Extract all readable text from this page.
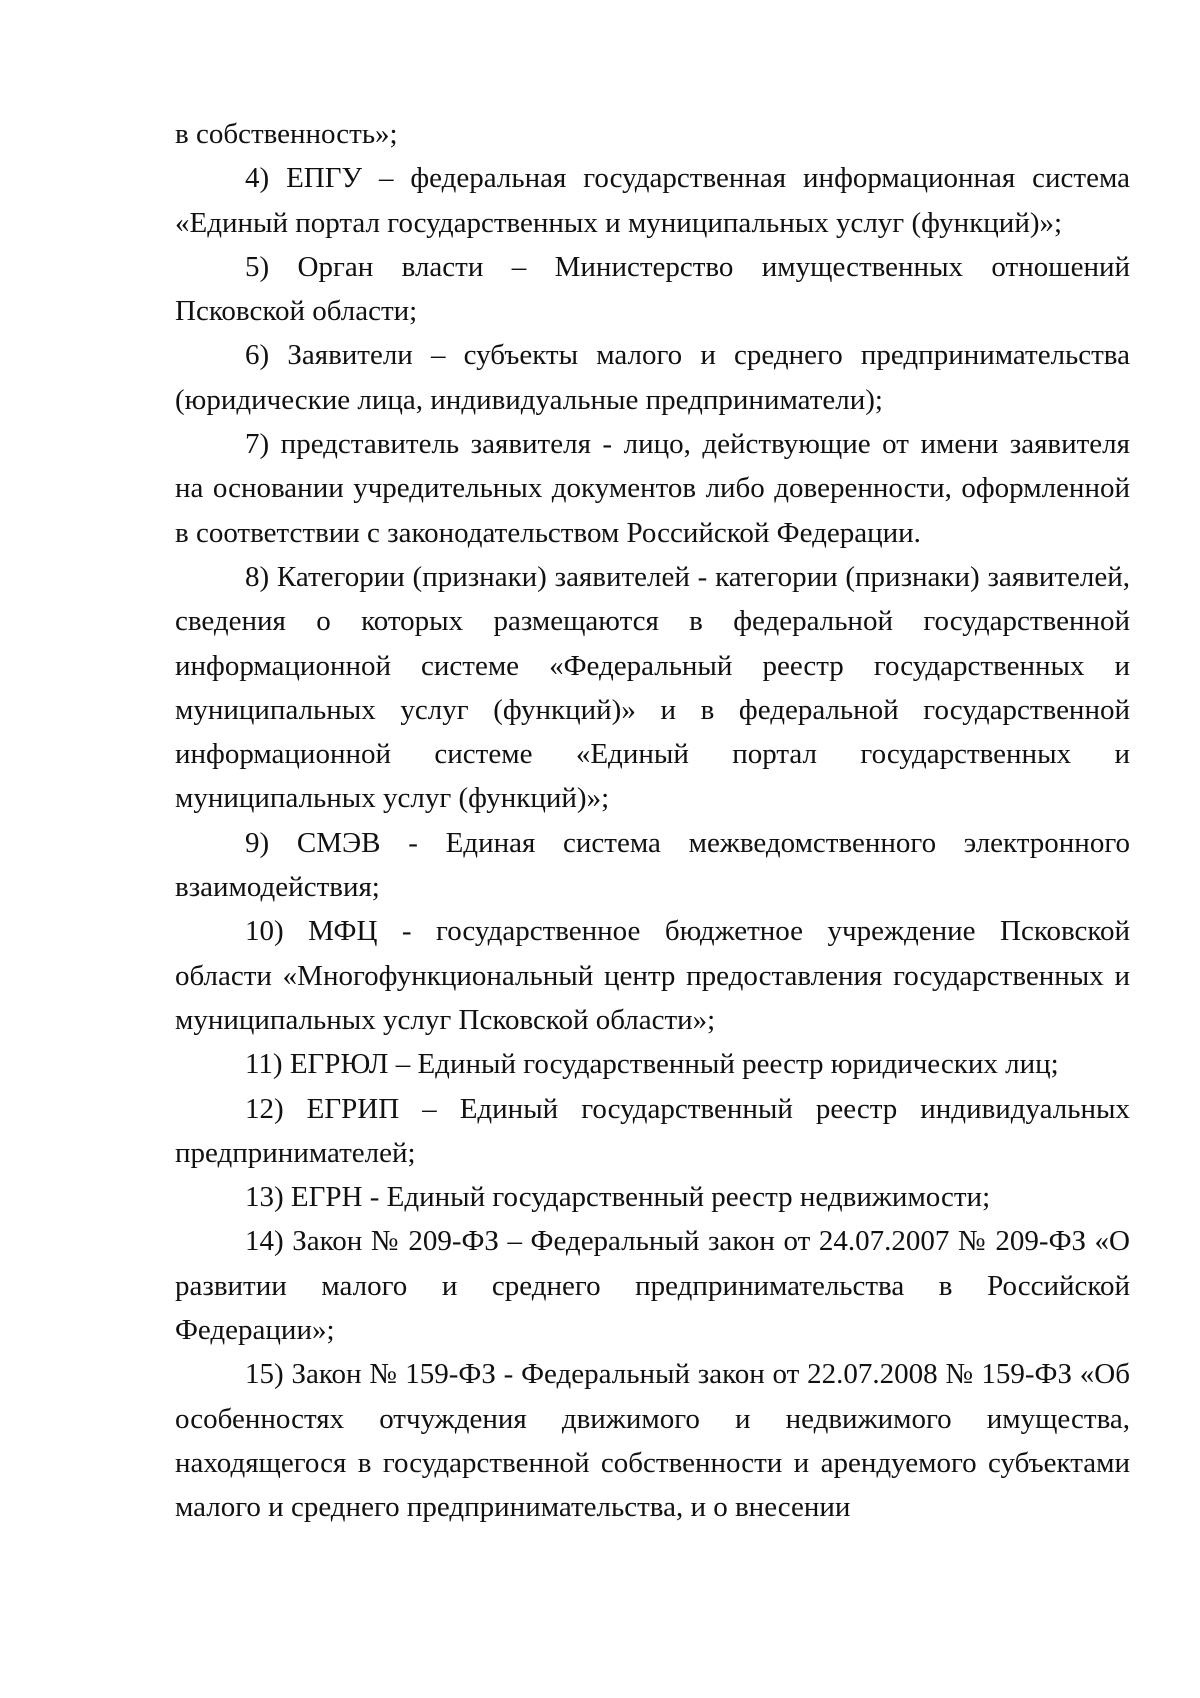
в собственность»;

4) ЕПГУ – федеральная государственная информационная система «Единый портал государственных и муниципальных услуг (функций)»;

5) Орган власти – Министерство имущественных отношений Псковской области;

6) Заявители – субъекты малого и среднего предпринимательства (юридические лица, индивидуальные предприниматели);

7) представитель заявителя - лицо, действующие от имени заявителя на основании учредительных документов либо доверенности, оформленной в соответствии с законодательством Российской Федерации.

8) Категории (признаки) заявителей - категории (признаки) заявителей, сведения о которых размещаются в федеральной государственной информационной системе «Федеральный реестр государственных и муниципальных услуг (функций)» и в федеральной государственной информационной системе «Единый портал государственных и муниципальных услуг (функций)»;

9) СМЭВ - Единая система межведомственного электронного взаимодействия;

10) МФЦ - государственное бюджетное учреждение Псковской области «Многофункциональный центр предоставления государственных и муниципальных услуг Псковской области»;

11) ЕГРЮЛ – Единый государственный реестр юридических лиц;

12) ЕГРИП – Единый государственный реестр индивидуальных предпринимателей;

13) ЕГРН - Единый государственный реестр недвижимости;

14) Закон № 209-ФЗ – Федеральный закон от 24.07.2007 № 209-ФЗ «О развитии малого и среднего предпринимательства в Российской Федерации»;

15) Закон № 159-ФЗ - Федеральный закон от 22.07.2008 № 159-ФЗ «Об особенностях отчуждения движимого и недвижимого имущества, находящегося в государственной собственности и арендуемого субъектами малого и среднего предпринимательства, и о внесении
